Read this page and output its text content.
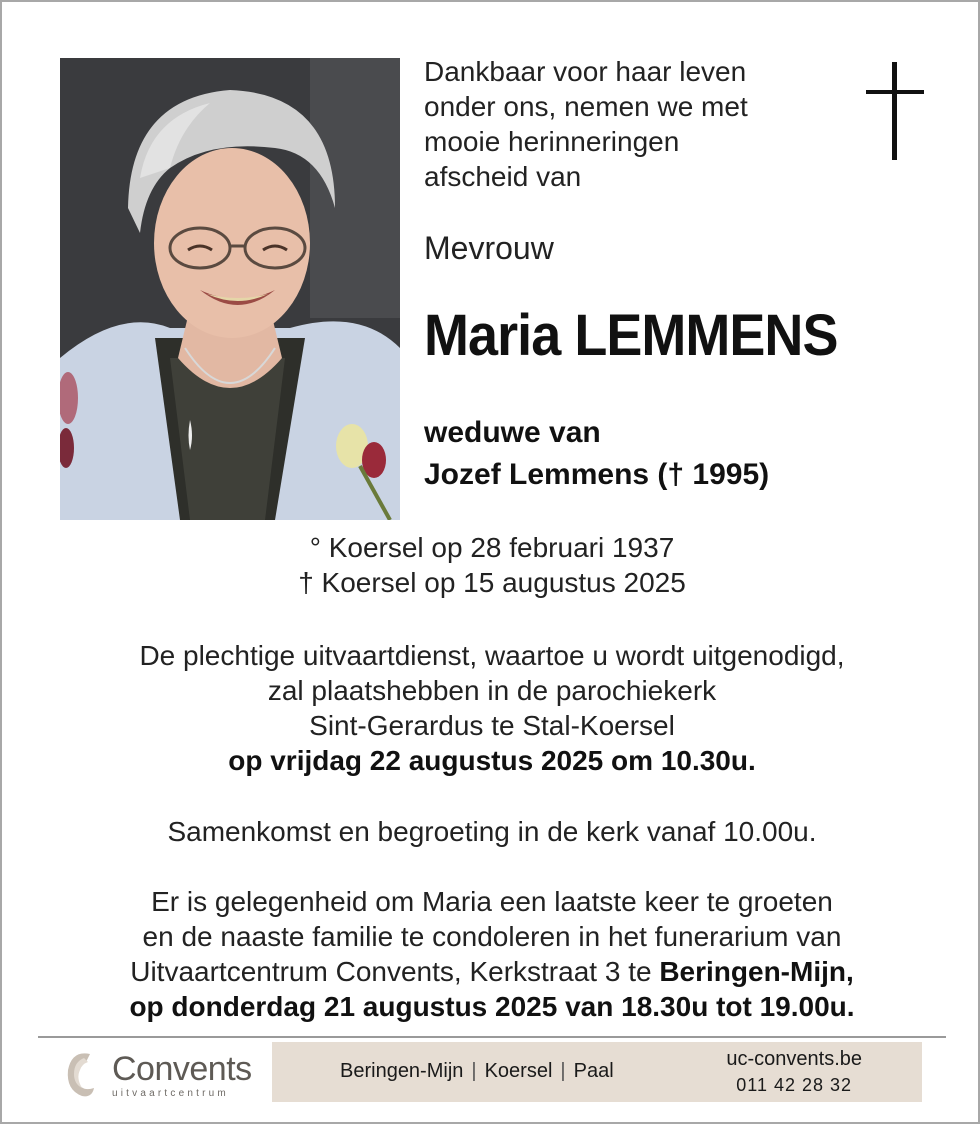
Dankbaar voor haar leven
onder ons, nemen we met
mooie herinneringen
afscheid van
Mevrouw
Maria LEMMENS
weduwe van
Jozef Lemmens († 1995)
° Koersel op 28 februari 1937
† Koersel op 15 augustus 2025
De plechtige uitvaartdienst, waartoe u wordt uitgenodigd,
zal plaatshebben in de parochiekerk
Sint-Gerardus te Stal-Koersel
op vrijdag 22 augustus 2025 om 10.30u.
Samenkomst en begroeting in de kerk vanaf 10.00u.
Er is gelegenheid om Maria een laatste keer te groeten
en de naaste familie te condoleren in het funerarium van
Uitvaartcentrum Convents, Kerkstraat 3 te Beringen-Mijn,
op donderdag 21 augustus 2025 van 18.30u tot 19.00u.
Convents
uitvaartcentrum
Beringen-Mijn | Koersel | Paal
uc-convents.be
011 42 28 32
